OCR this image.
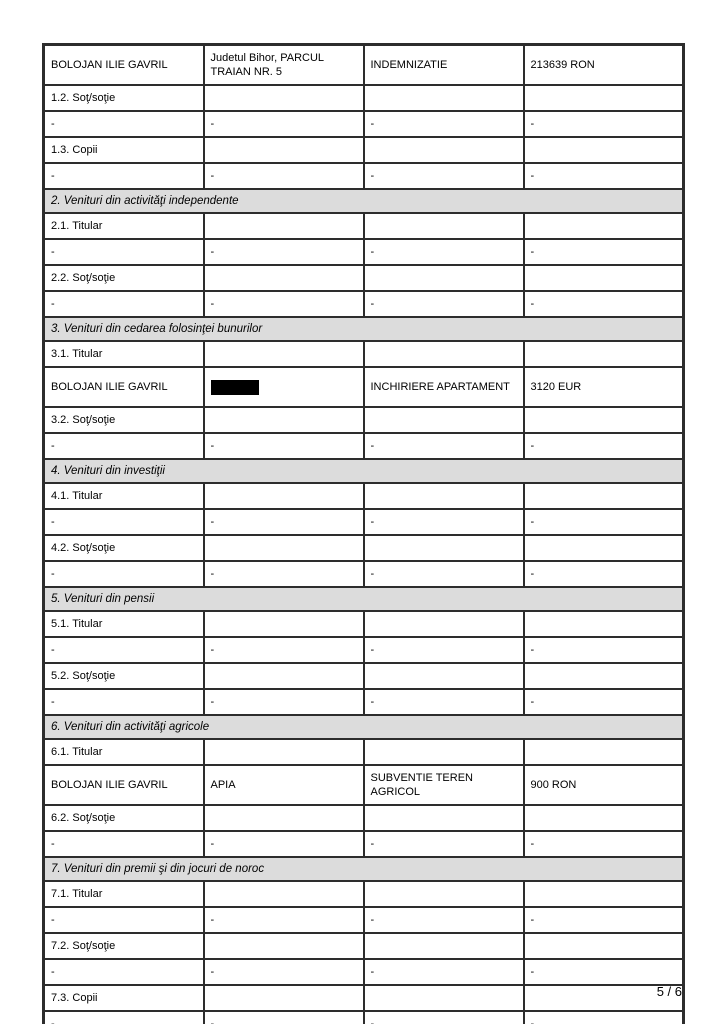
BOLOJAN ILIE GAVRIL	Judetul Bihor, PARCUL TRAIAN NR. 5	INDEMNIZATIE	213639 RON
1.2. Soţ/soţie			
-	-	-	-
1.3. Copii			
-	-	-	-
2. Venituri din activităţi independente			
2.1. Titular			
-	-	-	-
2.2. Soţ/soţie			
-	-	-	-
3. Venituri din cedarea folosinţei bunurilor			
3.1. Titular			
BOLOJAN ILIE GAVRIL		INCHIRIERE APARTAMENT	3120 EUR
3.2. Soţ/soţie			
-	-	-	-
4. Venituri din investiţii			
4.1. Titular			
-	-	-	-
4.2. Soţ/soţie			
-	-	-	-
5. Venituri din pensii			
5.1. Titular			
-	-	-	-
5.2. Soţ/soţie			
-	-	-	-
6. Venituri din activităţi agricole			
6.1. Titular			
BOLOJAN ILIE GAVRIL	APIA	SUBVENTIE TEREN AGRICOL	900 RON
6.2. Soţ/soţie			
-	-	-	-
7. Venituri din premii şi din jocuri de noroc			
7.1. Titular			
-	-	-	-
7.2. Soţ/soţie			
-	-	-	-
7.3. Copii			
-	-	-	-
5 / 6
